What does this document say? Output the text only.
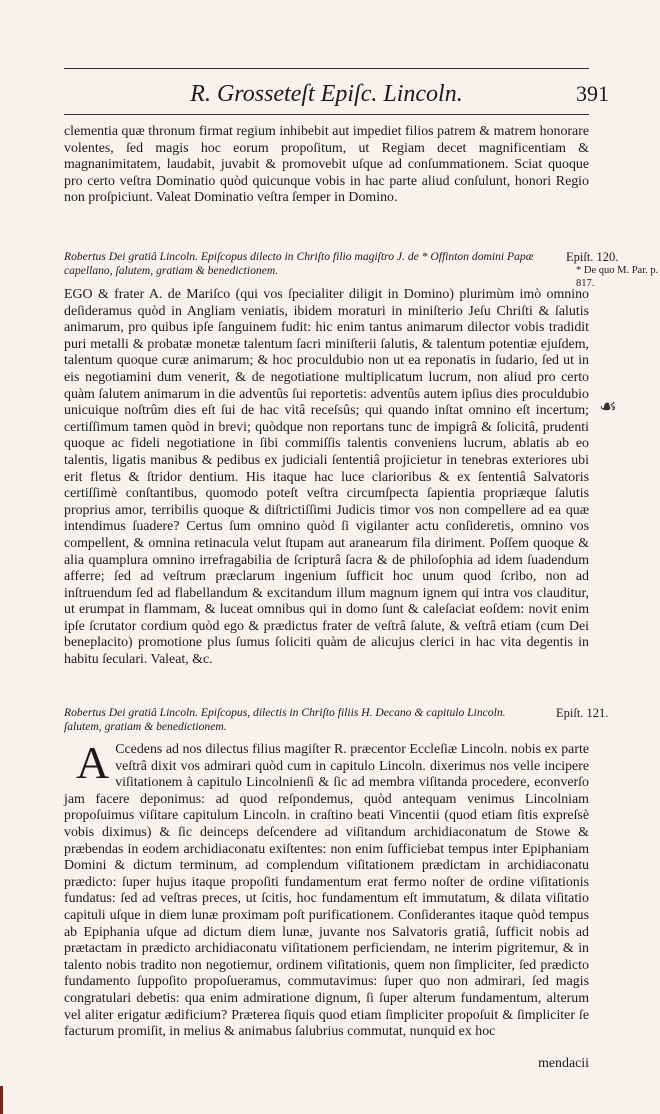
R. Grosseteſt Epiſc. Lincoln.	391
clementia quæ thronum firmat regium inhibebit aut impediet filios patrem & matrem honorare volentes, ſed magis hoc eorum propoſitum, ut Regiam decet magnificentiam & magnanimitatem, laudabit, juvabit & promovebit uſque ad conſummationem. Sciat quoque pro certo veſtra Dominatio quòd quicunque vobis in hac parte aliud conſulunt, honori Regio non proſpiciunt. Valeat Dominatio veſtra ſemper in Domino.
Robertus Dei gratiâ Lincoln. Epiſcopus dilecto in Chriſto filio magiſtro J. de * Offinton domini Papæ capellano, ſalutem, gratiam & benedictionem.
Epiſt. 120.
* De quo M. Par. p. 817.
EGO & frater A. de Mariſco (qui vos ſpecialiter diligit in Domino) plurimùm imò omnino deſideramus quòd in Angliam veniatis, ibidem moraturi in miniſterio Jeſu Chriſti & ſalutis animarum, pro quibus ipſe ſanguinem fudit: hic enim tantus animarum dilector vobis tradidit puri metalli & probatæ monetæ talentum ſacri miniſterii ſalutis, & talentum potentiæ ejuſdem, talentum quoque curæ animarum; & hoc proculdubio non ut ea reponatis in ſudario, ſed ut in eis negotiamini dum venerit, & de negotiatione multiplicatum lucrum, non aliud pro certo quàm ſalutem animarum in die adventûs ſui reportetis: adventûs autem ipſius dies proculdubio unicuique noſtrûm dies eſt ſui de hac vitâ receſsûs; qui quando inſtat omnino eſt incertum; certiſſimum tamen quòd in brevi; quòdque non reportans tunc de impigrâ & ſolicitâ, prudenti quoque ac fideli negotiatione in ſibi commiſſis talentis conveniens lucrum, ablatis ab eo talentis, ligatis manibus & pedibus ex judiciali ſententiâ projicietur in tenebras exteriores ubi erit fletus & ſtridor dentium. His itaque hac luce clarioribus & ex ſententiâ Salvatoris certiſſimè conſtantibus, quomodo poteſt veſtra circumſpecta ſapientia propriæque ſalutis proprius amor, terribilis quoque & diſtrictiſſimi Judicis timor vos non compellere ad ea quæ intendimus ſuadere? Certus ſum omnino quòd ſi vigilanter actu conſideretis, omnino vos compellent, & omnina retinacula velut ſtupam aut aranearum fila diriment. Poſſem quoque & alia quamplura omnino irrefragabilia de ſcripturâ ſacra & de philoſophia ad idem ſuadendum afferre; ſed ad veſtrum præclarum ingenium ſufficit hoc unum quod ſcribo, non ad inſtruendum ſed ad flabellandum & excitandum illum magnum ignem qui intra vos clauditur, ut erumpat in flammam, & luceat omnibus qui in domo ſunt & caleſaciat eoſdem: novit enim ipſe ſcrutator cordium quòd ego & prædictus frater de veſtrâ ſalute, & veſtrâ etiam (cum Dei beneplacito) promotione plus ſumus ſoliciti quàm de alicujus clerici in hac vita degentis in habitu ſeculari. Valeat, &c.
☙
Robertus Dei gratiâ Lincoln. Epiſcopus, dilectis in Chriſto filiis H. Decano & capitulo Lincoln. ſalutem, gratiam & benedictionem.
Epiſt. 121.
A Ccedens ad nos dilectus filius magiſter R. præcentor Eccleſiæ Lincoln. nobis ex parte veſtrâ dixit vos admirari quòd cum in capitulo Lincoln. dixerimus nos velle incipere viſitationem à capitulo Lincolnienſi & ſic ad membra viſitanda procedere, econverſo jam facere deponimus: ad quod reſpondemus, quòd antequam venimus Lincolniam propoſuimus viſitare capitulum Lincoln. in craſtino beati Vincentii (quod etiam ſitis expreſsè vobis diximus) & ſic deinceps deſcendere ad viſitandum archidiaconatum de Stowe & præbendas in eodem archidiaconatu exiſtentes: non enim ſufficiebat tempus inter Epiphaniam Domini & dictum terminum, ad complendum viſitationem prædictam in archidiaconatu prædicto: ſuper hujus itaque propoſiti fundamentum erat fermo noſter de ordine viſitationis fundatus: ſed ad veſtras preces, ut ſcitis, hoc fundamentum eſt immutatum, & dilata viſitatio capituli uſque in diem lunæ proximam poſt purificationem. Conſiderantes itaque quòd tempus ab Epiphania uſque ad dictum diem lunæ, juvante nos Salvatoris gratiâ, ſufficit nobis ad prætactam in prædicto archidiaconatu viſitationem perficiendam, ne interim pigritemur, & in talento nobis tradito non negotiemur, ordinem viſitationis, quem non ſimpliciter, ſed prædicto fundamento ſuppoſito propoſueramus, commutavimus: ſuper quo non admirari, ſed magis congratulari debetis: qua enim admiratione dignum, ſi ſuper alterum fundamentum, alterum vel aliter erigatur ædificium? Præterea ſiquis quod etiam ſimpliciter propoſuit & ſimpliciter ſe facturum promiſit, in melius & animabus ſalubrius commutat, nunquid ex hoc
mendacii
